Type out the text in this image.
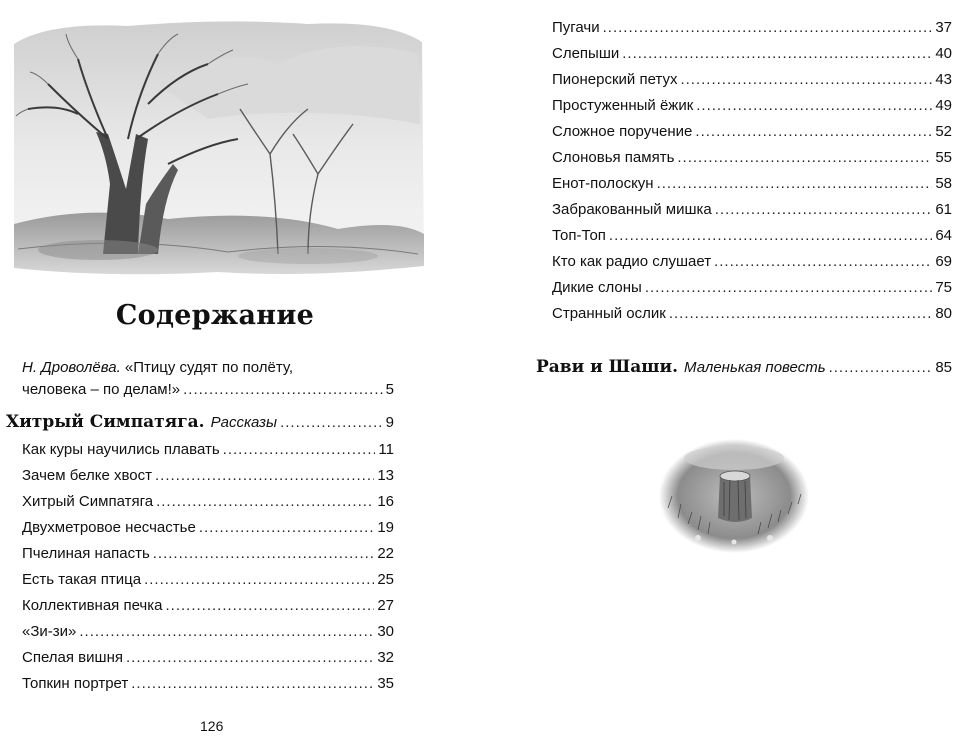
Содержание
Н. Дроволёва. «Птицу судят по полёту,
человека – по делам!» .....	5
Хитрый Симпатяга. Рассказы .....	9
Как куры научились плавать .....	11
Зачем белке хвост .....	13
Хитрый Симпатяга .....	16
Двухметровое несчастье .....	19
Пчелиная напасть .....	22
Есть такая птица .....	25
Коллективная печка .....	27
«Зи-зи» .....	30
Спелая вишня .....	32
Топкин портрет .....	35
126
Пугачи .....	37
Слепыши .....	40
Пионерский петух .....	43
Простуженный ёжик .....	49
Сложное поручение .....	52
Слоновья память .....	55
Енот-полоскун .....	58
Забракованный мишка .....	61
Топ-Топ .....	64
Кто как радио слушает .....	69
Дикие слоны .....	75
Странный ослик .....	80
Рави и Шаши. Маленькая повесть .....	85
